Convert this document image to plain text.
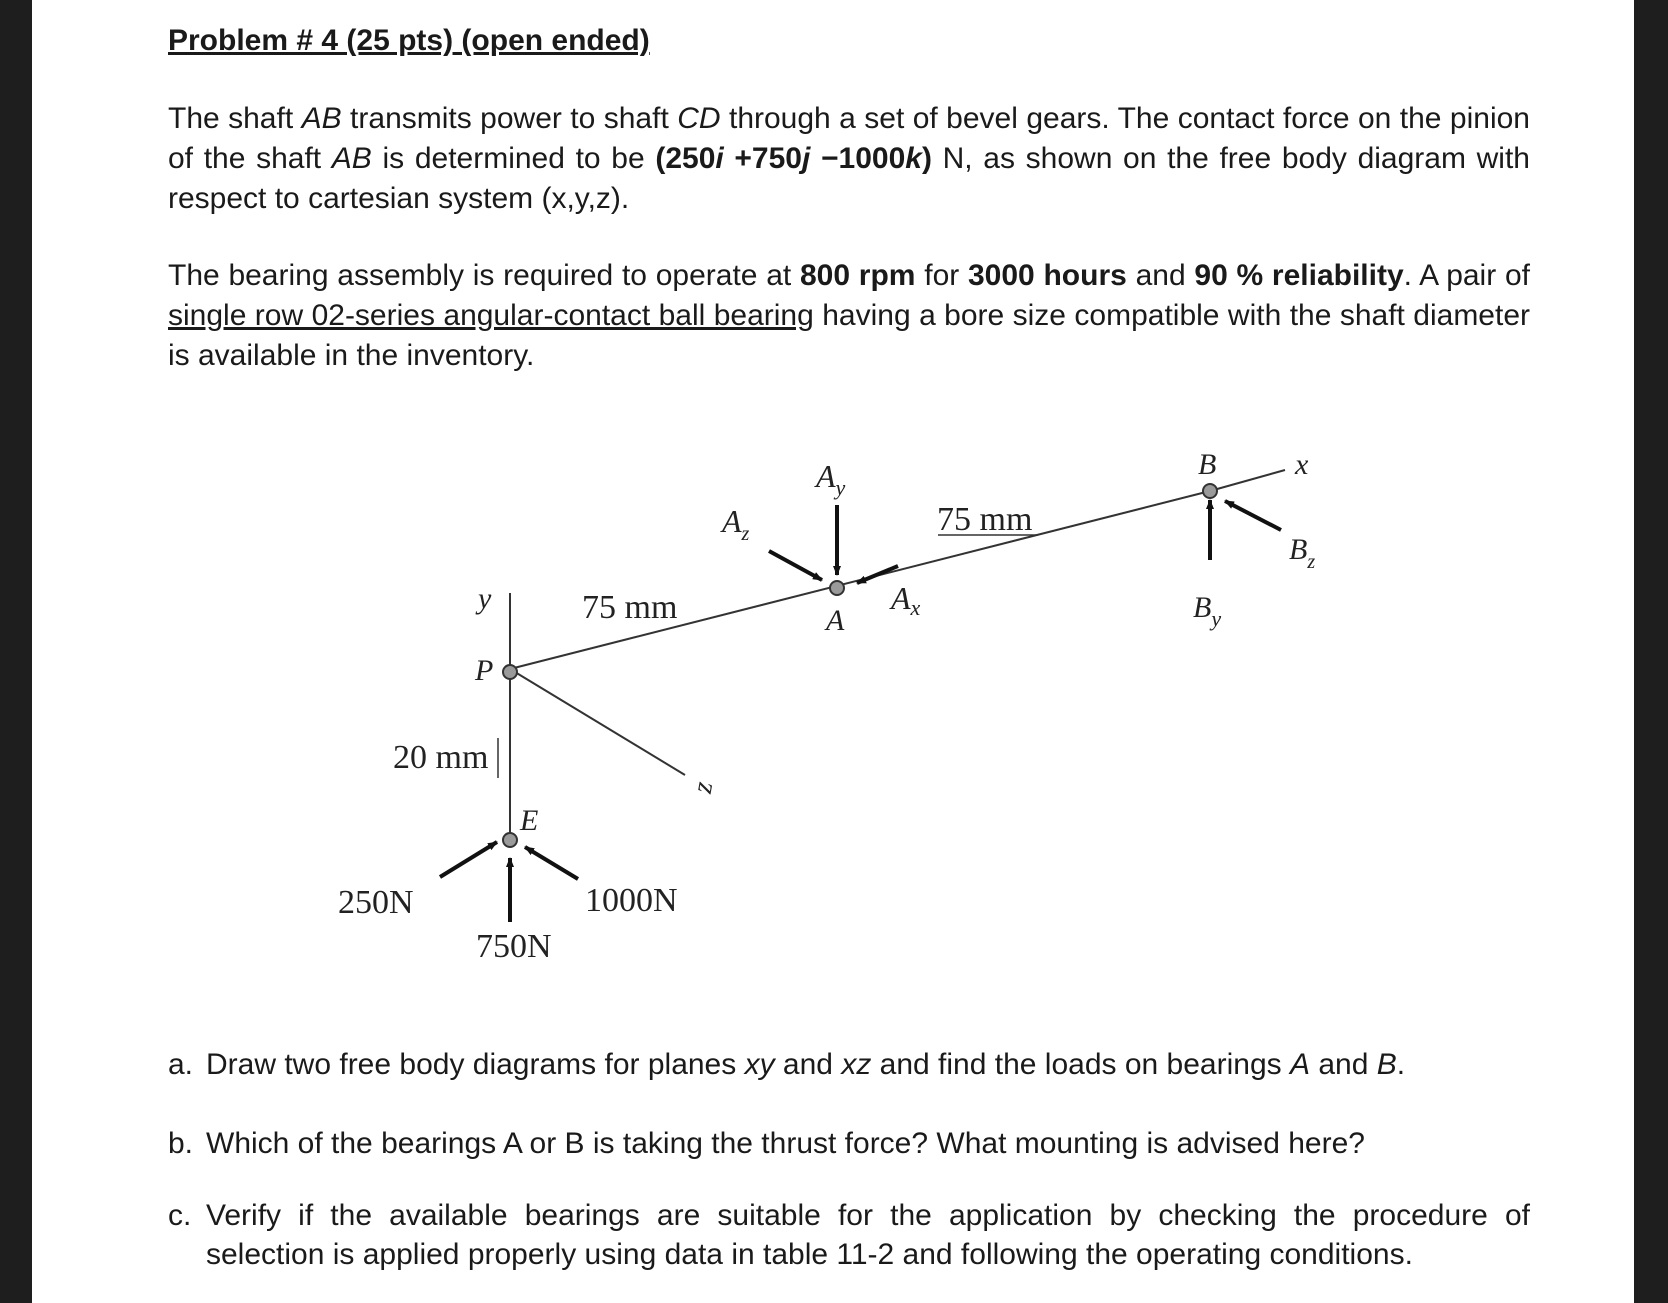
Problem # 4 (25 pts) (open ended)
The shaft AB transmits power to shaft CD through a set of bevel gears. The contact force on the pinion of the shaft AB is determined to be (250i +750j −1000k) N, as shown on the free body diagram with respect to cartesian system (x,y,z).
The bearing assembly is required to operate at 800 rpm for 3000 hours and 90 % reliability. A pair of single row 02-series angular-contact ball bearing having a bore size compatible with the shaft diameter is available in the inventory.
$A_y$
$A_z$
A
Ax
B	x
$B_z$
$B_y$
75 mm
75 mm
20 mm
y
P
z
E
250N
750N
1000N
a. Draw two free body diagrams for planes xy and xz and find the loads on bearings A and B.
b. Which of the bearings A or B is taking the thrust force? What mounting is advised here?
c. Verify if the available bearings are suitable for the application by checking the procedure of selection is applied properly using data in table 11-2 and following the operating conditions.
